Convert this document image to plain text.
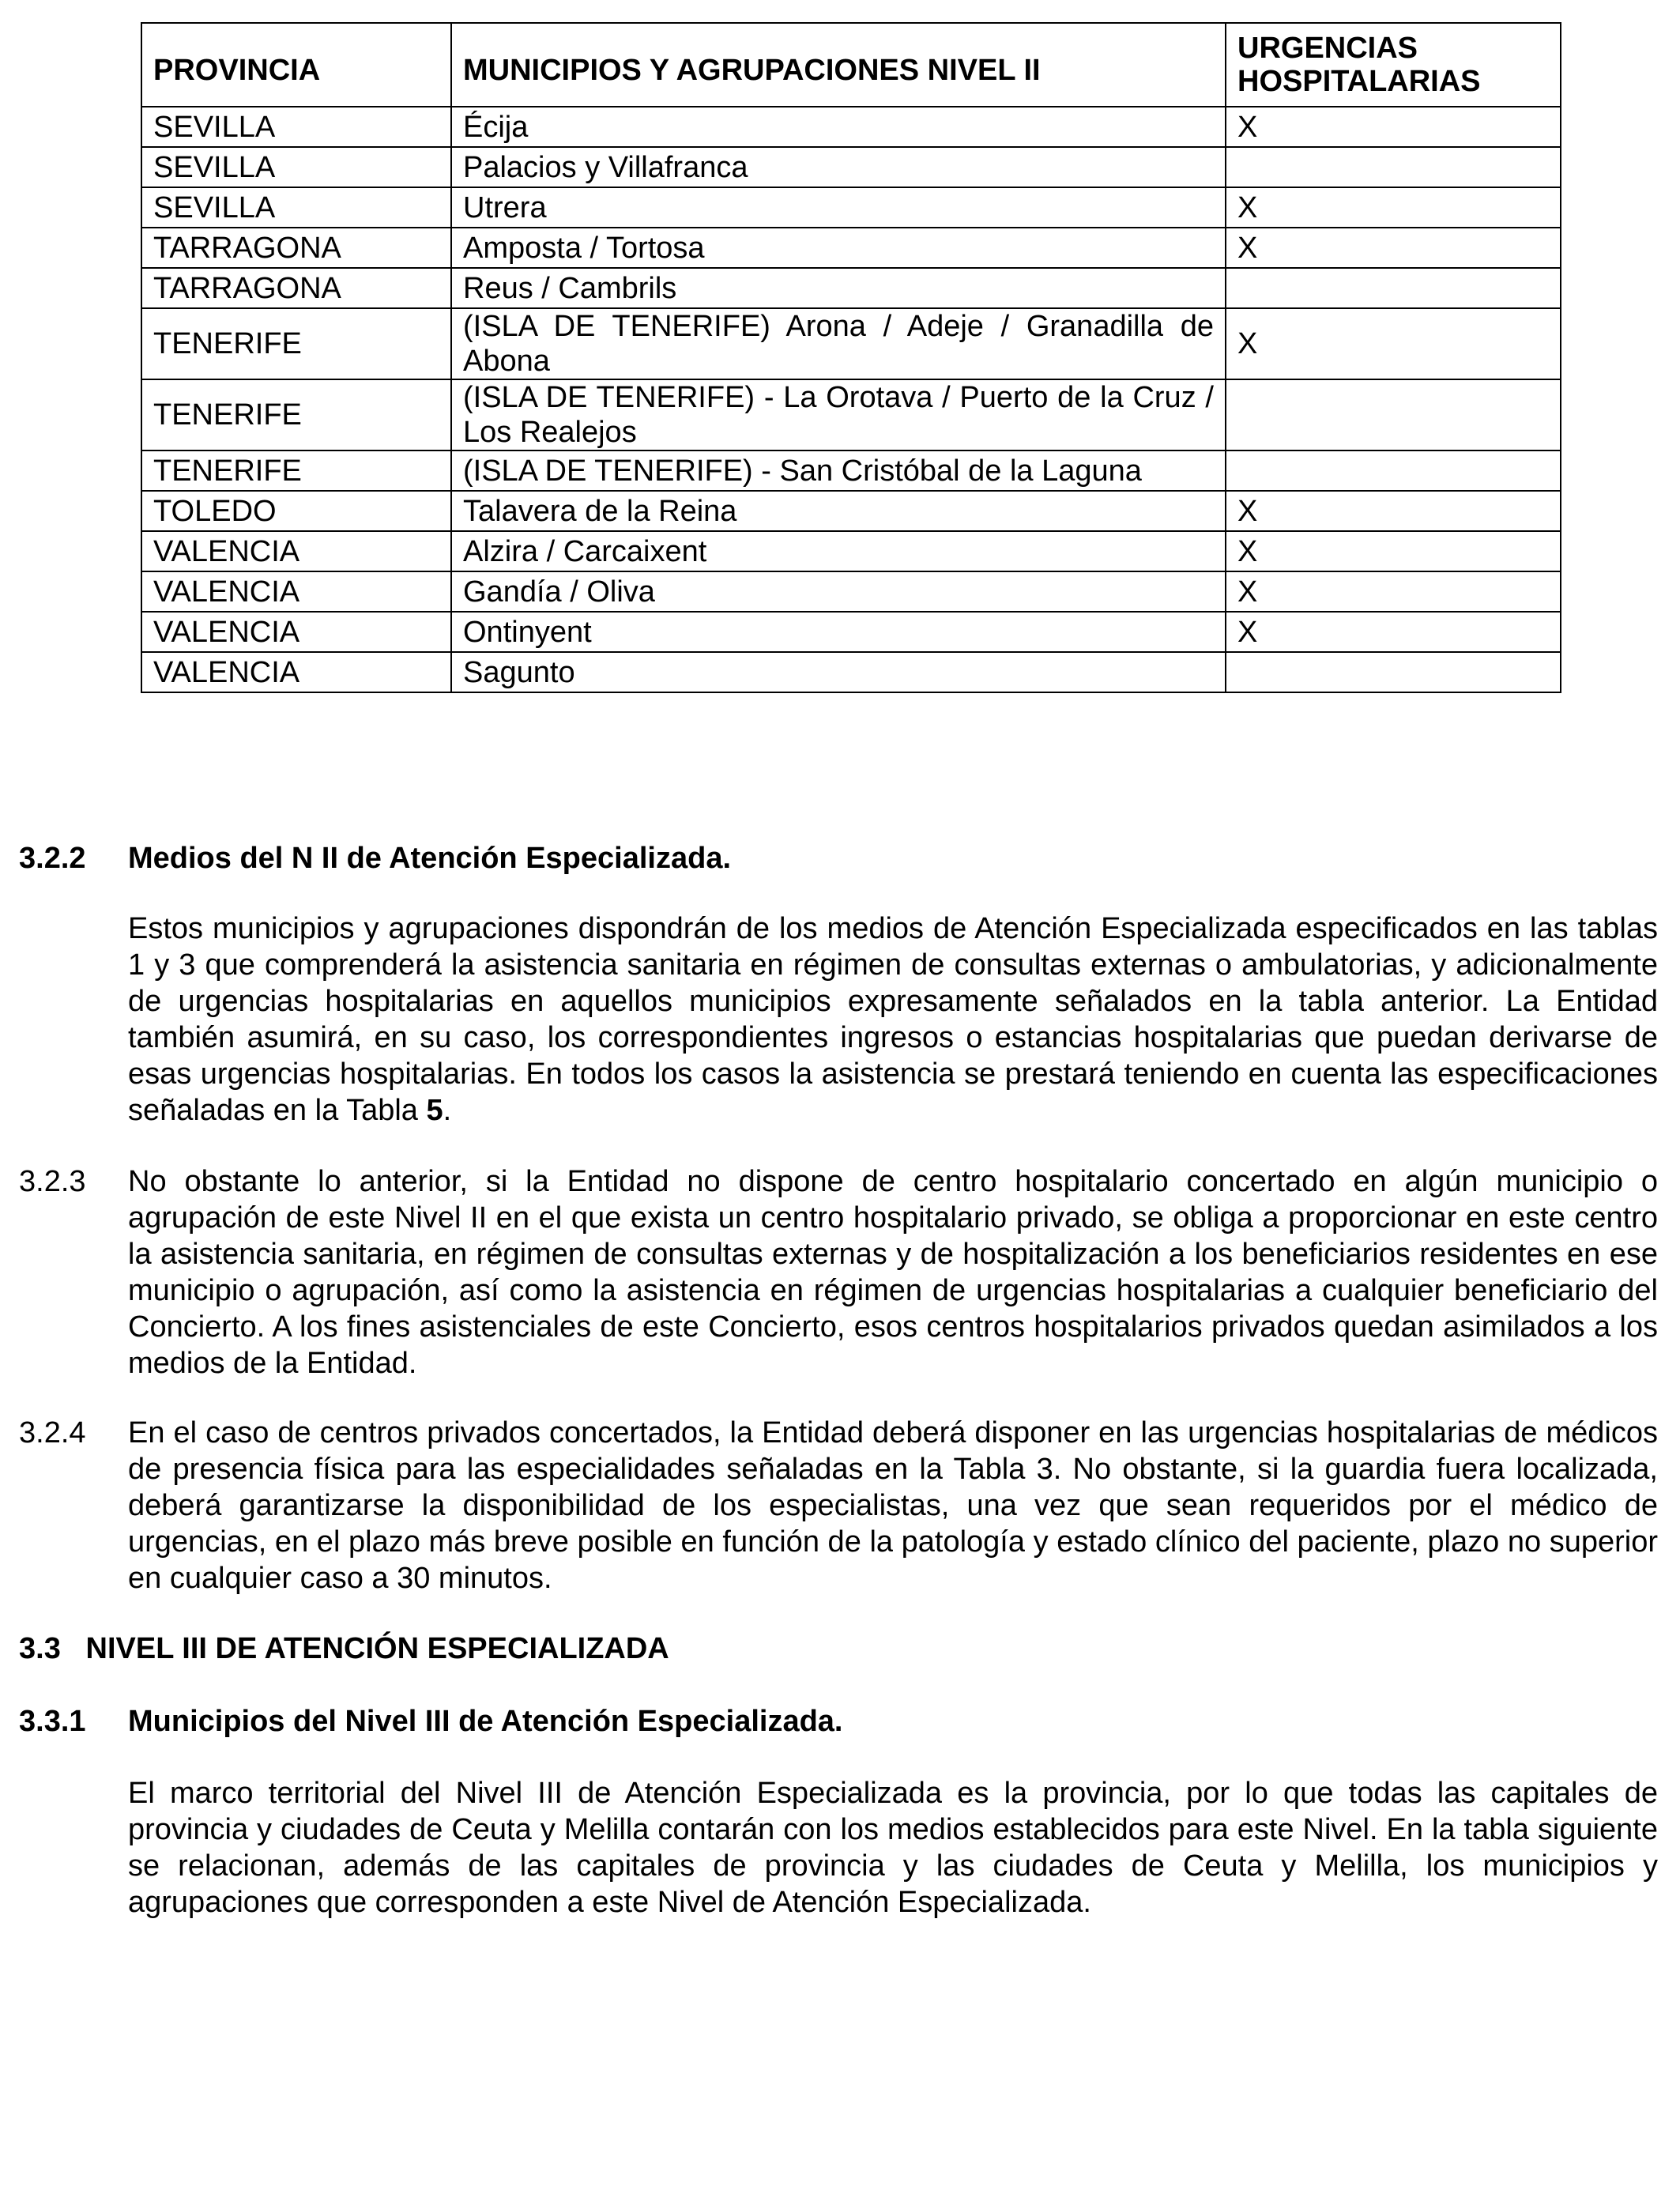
PROVINCIA	MUNICIPIOS Y AGRUPACIONES NIVEL II	URGENCIAS HOSPITALARIAS
SEVILLA	Écija	X
SEVILLA	Palacios y Villafranca	
SEVILLA	Utrera	X
TARRAGONA	Amposta / Tortosa	X
TARRAGONA	Reus / Cambrils	
TENERIFE	(ISLA DE TENERIFE) Arona / Adeje / Granadilla de Abona	X
TENERIFE	(ISLA DE TENERIFE) - La Orotava / Puerto de la Cruz / Los Realejos	
TENERIFE	(ISLA DE TENERIFE) - San Cristóbal de la Laguna	
TOLEDO	Talavera de la Reina	X
VALENCIA	Alzira / Carcaixent	X
VALENCIA	Gandía / Oliva	X
VALENCIA	Ontinyent	X
VALENCIA	Sagunto	
3.2.2 Medios del N II de Atención Especializada.
Estos municipios y agrupaciones dispondrán de los medios de Atención Especializada especificados en las tablas 1 y 3 que comprenderá la asistencia sanitaria en régimen de consultas externas o ambulatorias, y adicionalmente de urgencias hospitalarias en aquellos municipios expresamente señalados en la tabla anterior. La Entidad también asumirá, en su caso, los correspondientes ingresos o estancias hospitalarias que puedan derivarse de esas urgencias hospitalarias. En todos los casos la asistencia se prestará teniendo en cuenta las especificaciones señaladas en la Tabla 5.
3.2.3 No obstante lo anterior, si la Entidad no dispone de centro hospitalario concertado en algún municipio o agrupación de este Nivel II en el que exista un centro hospitalario privado, se obliga a proporcionar en este centro la asistencia sanitaria, en régimen de consultas externas y de hospitalización a los beneficiarios residentes en ese municipio o agrupación, así como la asistencia en régimen de urgencias hospitalarias a cualquier beneficiario del Concierto. A los fines asistenciales de este Concierto, esos centros hospitalarios privados quedan asimilados a los medios de la Entidad.
3.2.4 En el caso de centros privados concertados, la Entidad deberá disponer en las urgencias hospitalarias de médicos de presencia física para las especialidades señaladas en la Tabla 3. No obstante, si la guardia fuera localizada, deberá garantizarse la disponibilidad de los especialistas, una vez que sean requeridos por el médico de urgencias, en el plazo más breve posible en función de la patología y estado clínico del paciente, plazo no superior en cualquier caso a 30 minutos.
3.3   NIVEL III DE ATENCIÓN ESPECIALIZADA
3.3.1 Municipios del Nivel III de Atención Especializada.
El marco territorial del Nivel III de Atención Especializada es la provincia, por lo que todas las capitales de provincia y ciudades de Ceuta y Melilla contarán con los medios establecidos para este Nivel. En la tabla siguiente se relacionan, además de las capitales de provincia y las ciudades de Ceuta y Melilla, los municipios y agrupaciones que corresponden a este Nivel de Atención Especializada.
